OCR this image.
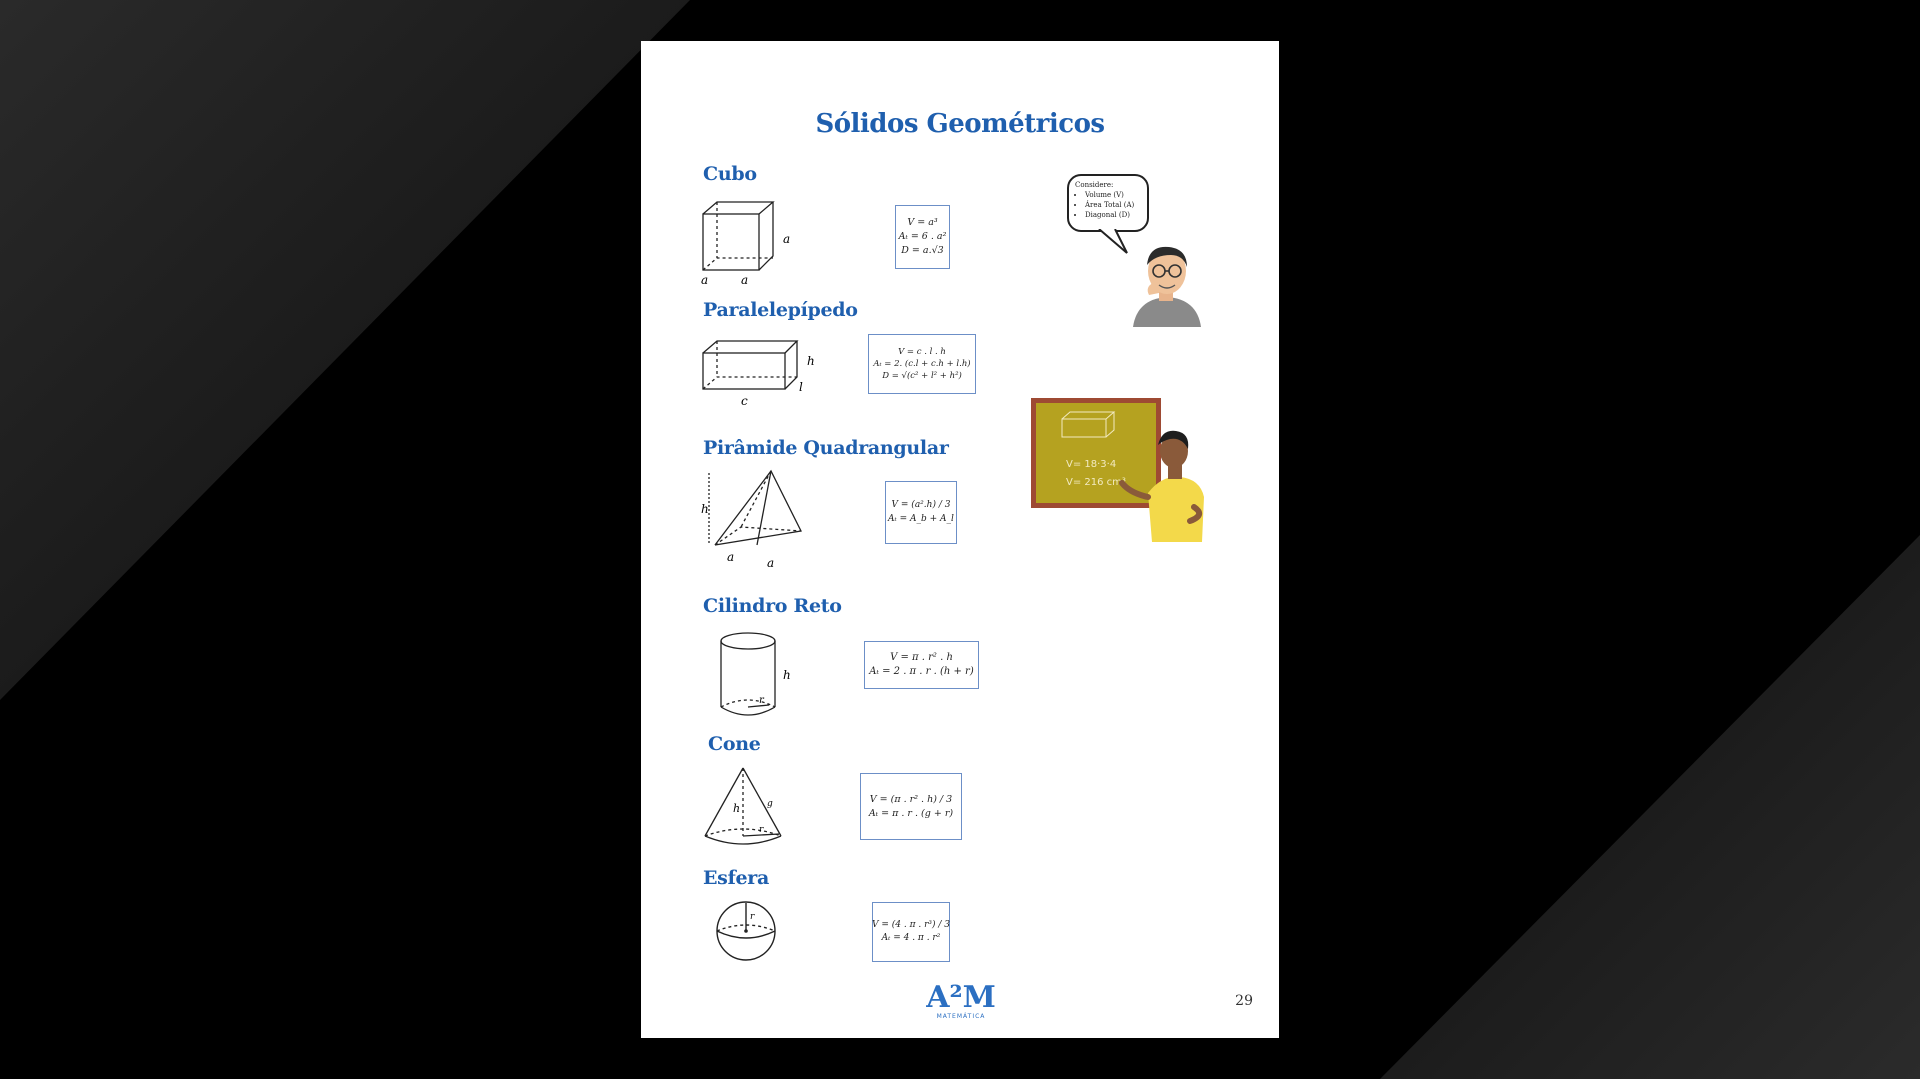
Sólidos Geométricos
Cubo
a
a	a
V = a³
Aₜ = 6 . a²
D = a.√3
Considere:
• Volume (V)
• Área Total (A)
• Diagonal (D)
Paralelepípedo
h
l
c
V = c . l . h
Aₜ = 2. (c.l + c.h + l.h)
D = √(c² + l² + h²)
V= 18·3·4
V= 216 cm³
Pirâmide Quadrangular
h
a	a
V = (a².h) / 3
Aₜ = A_b + A_l
Cilindro Reto
h
r
V = π . r² . h
Aₜ = 2 . π . r . (h + r)
Cone
h	g
r
V = (π . r² . h) / 3
Aₜ = π . r . (g + r)
Esfera
r
V = (4 . π . r³) / 3
Aₜ = 4 . π . r²
A²M
MATEMÁTICA
29
